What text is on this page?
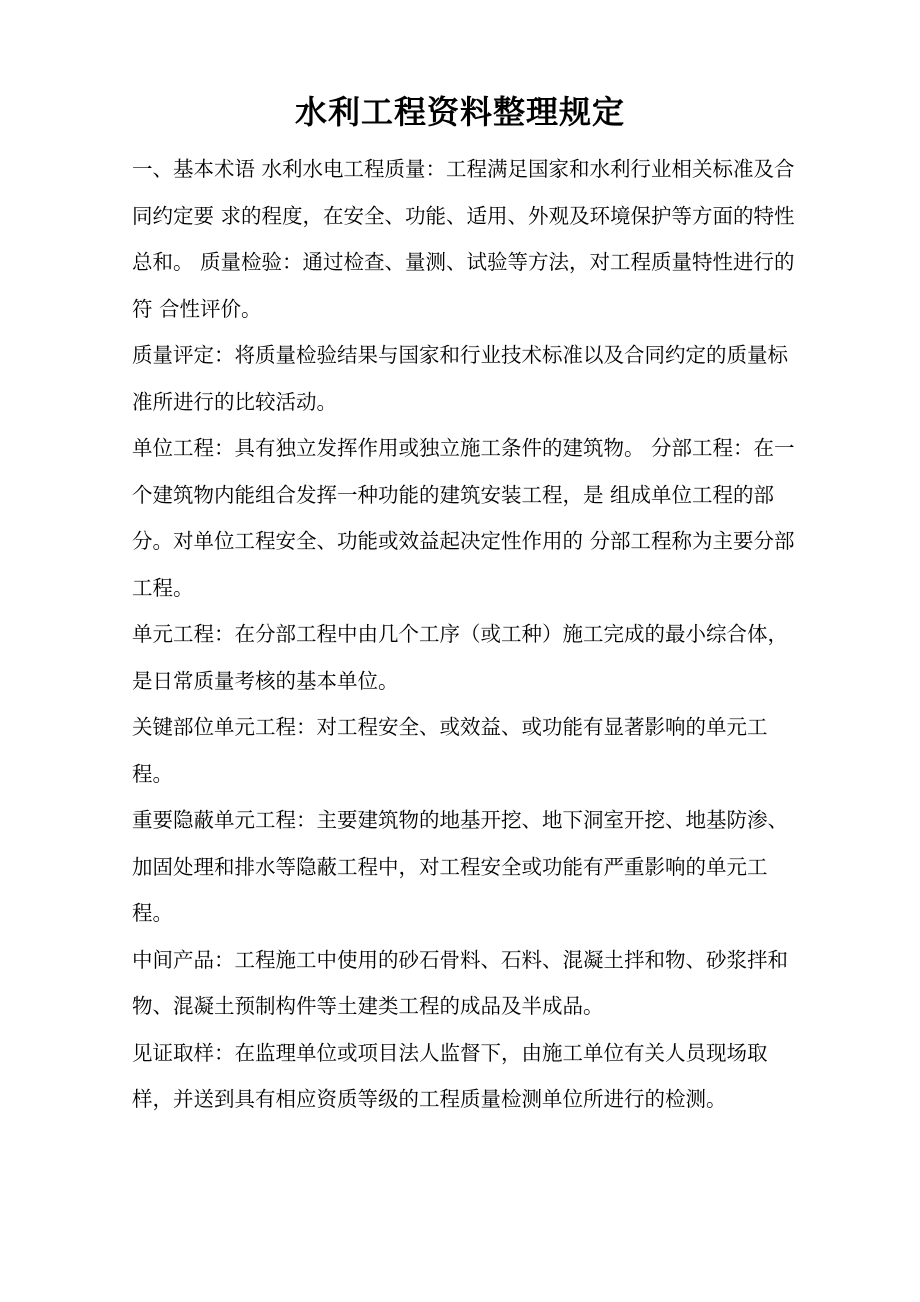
水利工程资料整理规定

一、基本术语 水利水电工程质量：工程满足国家和水利行业相关标准及合同约定要 求的程度，在安全、功能、适用、外观及环境保护等方面的特性总和。 质量检验：通过检查、量测、试验等方法，对工程质量特性进行的符 合性评价。

质量评定：将质量检验结果与国家和行业技术标准以及合同约定的质量标准所进行的比较活动。

单位工程：具有独立发挥作用或独立施工条件的建筑物。 分部工程：在一个建筑物内能组合发挥一种功能的建筑安装工程，是 组成单位工程的部分。对单位工程安全、功能或效益起决定性作用的 分部工程称为主要分部工程。

单元工程：在分部工程中由几个工序（或工种）施工完成的最小综合体，是日常质量考核的基本单位。

关键部位单元工程：对工程安全、或效益、或功能有显著影响的单元工程。

重要隐蔽单元工程：主要建筑物的地基开挖、地下洞室开挖、地基防渗、加固处理和排水等隐蔽工程中，对工程安全或功能有严重影响的单元工程。

中间产品：工程施工中使用的砂石骨料、石料、混凝土拌和物、砂浆拌和物、混凝土预制构件等土建类工程的成品及半成品。

见证取样：在监理单位或项目法人监督下，由施工单位有关人员现场取样，并送到具有相应资质等级的工程质量检测单位所进行的检测。
